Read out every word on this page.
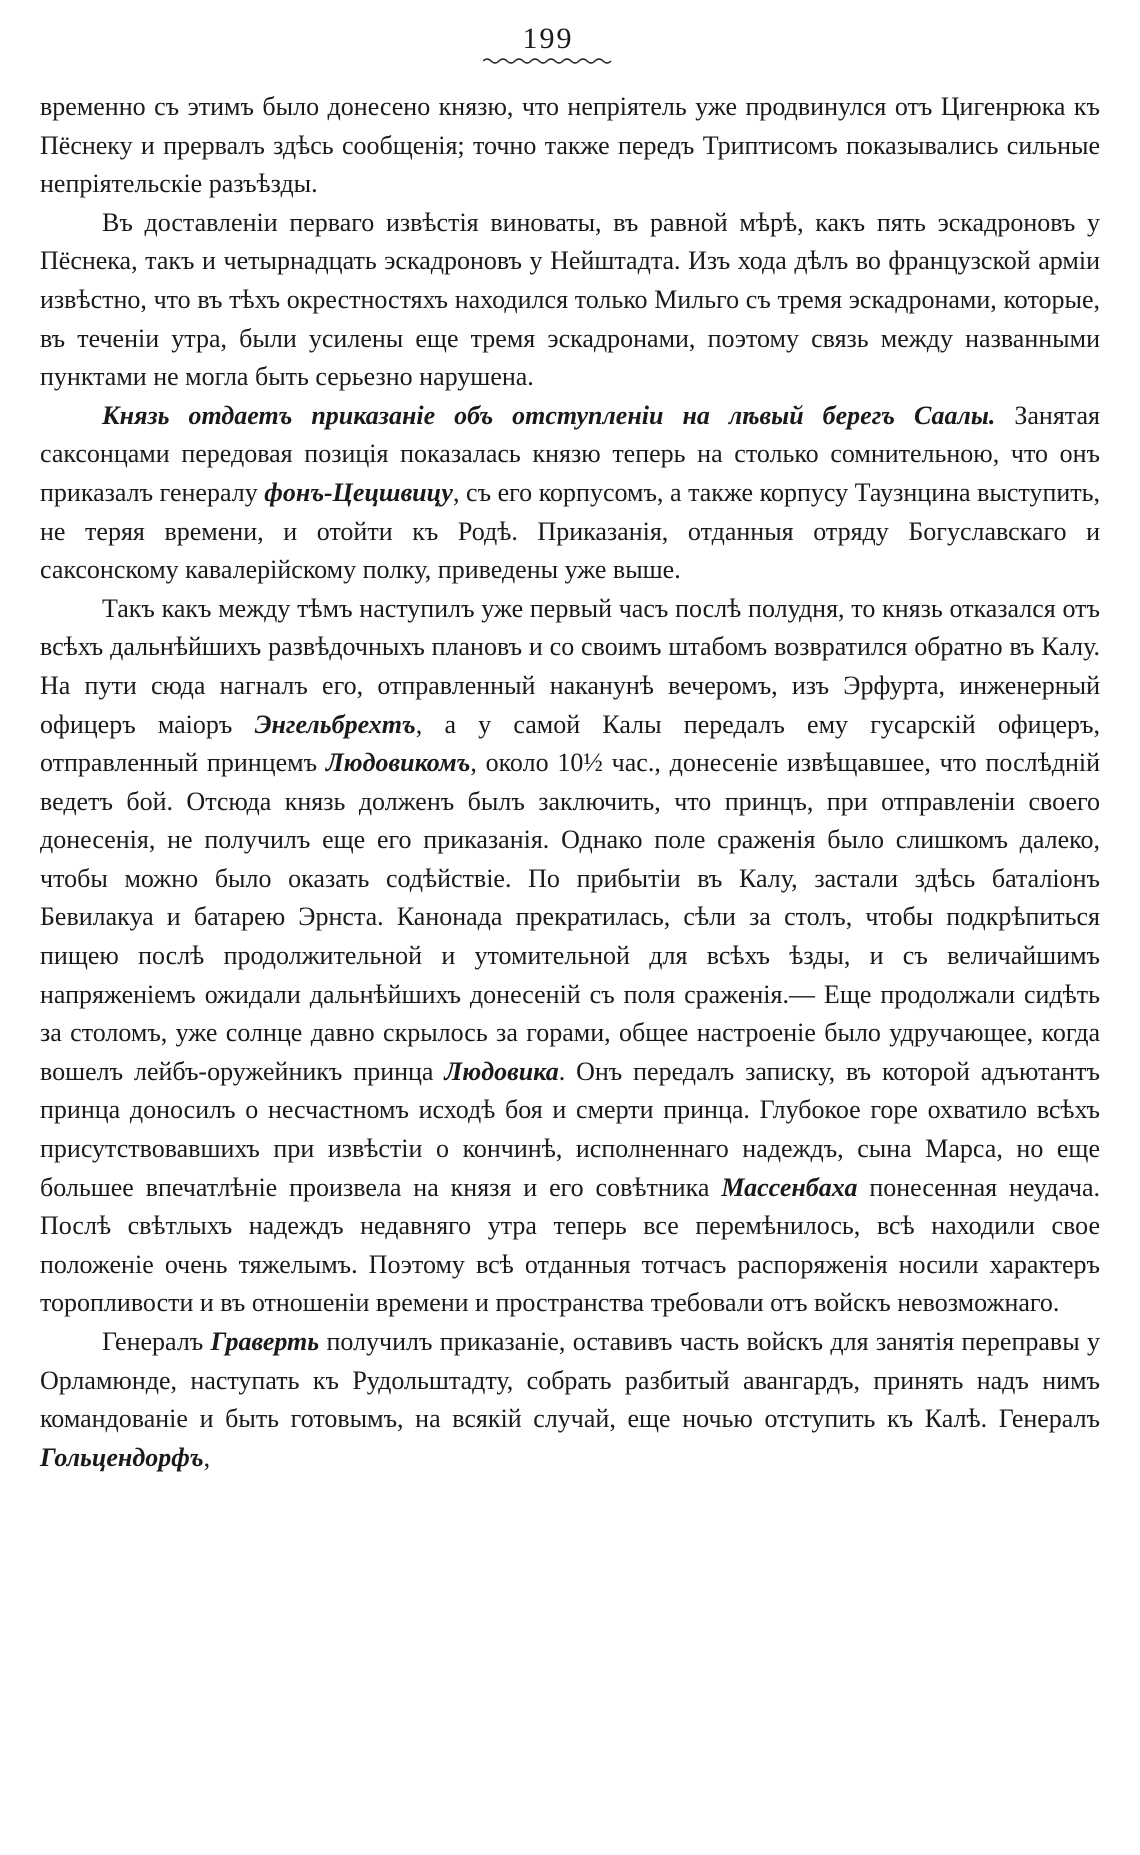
199

временно съ этимъ было донесено князю, что непріятель уже продвинулся отъ Цигенрюка къ Пёснеку и прервалъ здѣсь сообщенія; точно также передъ Триптисомъ показывались сильные непріятельскіе разъѣзды.

Въ доставленіи перваго извѣстія виноваты, въ равной мѣрѣ, какъ пять эскадроновъ у Пёснека, такъ и четырнадцать эскадроновъ у Нейштадта. Изъ хода дѣлъ во французской арміи извѣстно, что въ тѣхъ окрестностяхъ находился только Мильго съ тремя эскадронами, которые, въ теченіи утра, были усилены еще тремя эскадронами, поэтому связь между названными пунктами не могла быть серьезно нарушена.

Князь отдаетъ приказаніе объ отступленіи на лѣвый берегъ Саалы. Занятая саксонцами передовая позиція показалась князю теперь на столько сомнительною, что онъ приказалъ генералу фонъ-Цецшвицу, съ его корпусомъ, а также корпусу Таузнцина выступить, не теряя времени, и отойти къ Родѣ. Приказанія, отданныя отряду Богуславскаго и саксонскому кавалерійскому полку, приведены уже выше.

Такъ какъ между тѣмъ наступилъ уже первый часъ послѣ полудня, то князь отказался отъ всѣхъ дальнѣйшихъ развѣдочныхъ плановъ и со своимъ штабомъ возвратился обратно въ Калу. На пути сюда нагналъ его, отправленный наканунѣ вечеромъ, изъ Эрфурта, инженерный офицеръ маіоръ Энгельбрехтъ, а у самой Калы передалъ ему гусарскій офицеръ, отправленный принцемъ Людовикомъ, около 10½ час., донесеніе извѣщавшее, что послѣдній ведетъ бой. Отсюда князь долженъ былъ заключить, что принцъ, при отправленіи своего донесенія, не получилъ еще его приказанія. Однако поле сраженія было слишкомъ далеко, чтобы можно было оказать содѣйствіе. По прибытіи въ Калу, застали здѣсь баталіонъ Бевилакуа и батарею Эрнста. Канонада прекратилась, сѣли за столъ, чтобы подкрѣпиться пищею послѣ продолжительной и утомительной для всѣхъ ѣзды, и съ величайшимъ напряженіемъ ожидали дальнѣйшихъ донесеній съ поля сраженія.— Еще продолжали сидѣть за столомъ, уже солнце давно скрылось за горами, общее настроеніе было удручающее, когда вошелъ лейбъ-оружейникъ принца Людовика. Онъ передалъ записку, въ которой адъютантъ принца доносилъ о несчастномъ исходѣ боя и смерти принца. Глубокое горе охватило всѣхъ присутствовавшихъ при извѣстіи о кончинѣ, исполненнаго надеждъ, сына Марса, но еще большее впечатлѣніе произвела на князя и его совѣтника Массенбаха понесенная неудача. Послѣ свѣтлыхъ надеждъ недавняго утра теперь все перемѣнилось, всѣ находили свое положеніе очень тяжелымъ. Поэтому всѣ отданныя тотчасъ распоряженія носили характеръ торопливости и въ отношеніи времени и пространства требовали отъ войскъ невозможнаго.

Генералъ Граверть получилъ приказаніе, оставивъ часть войскъ для занятія переправы у Орламюнде, наступать къ Рудольштадту, собрать разбитый авангардъ, принять надъ нимъ командованіе и быть готовымъ, на всякій случай, еще ночью отступить къ Калѣ. Генералъ Гольцендорфъ,
